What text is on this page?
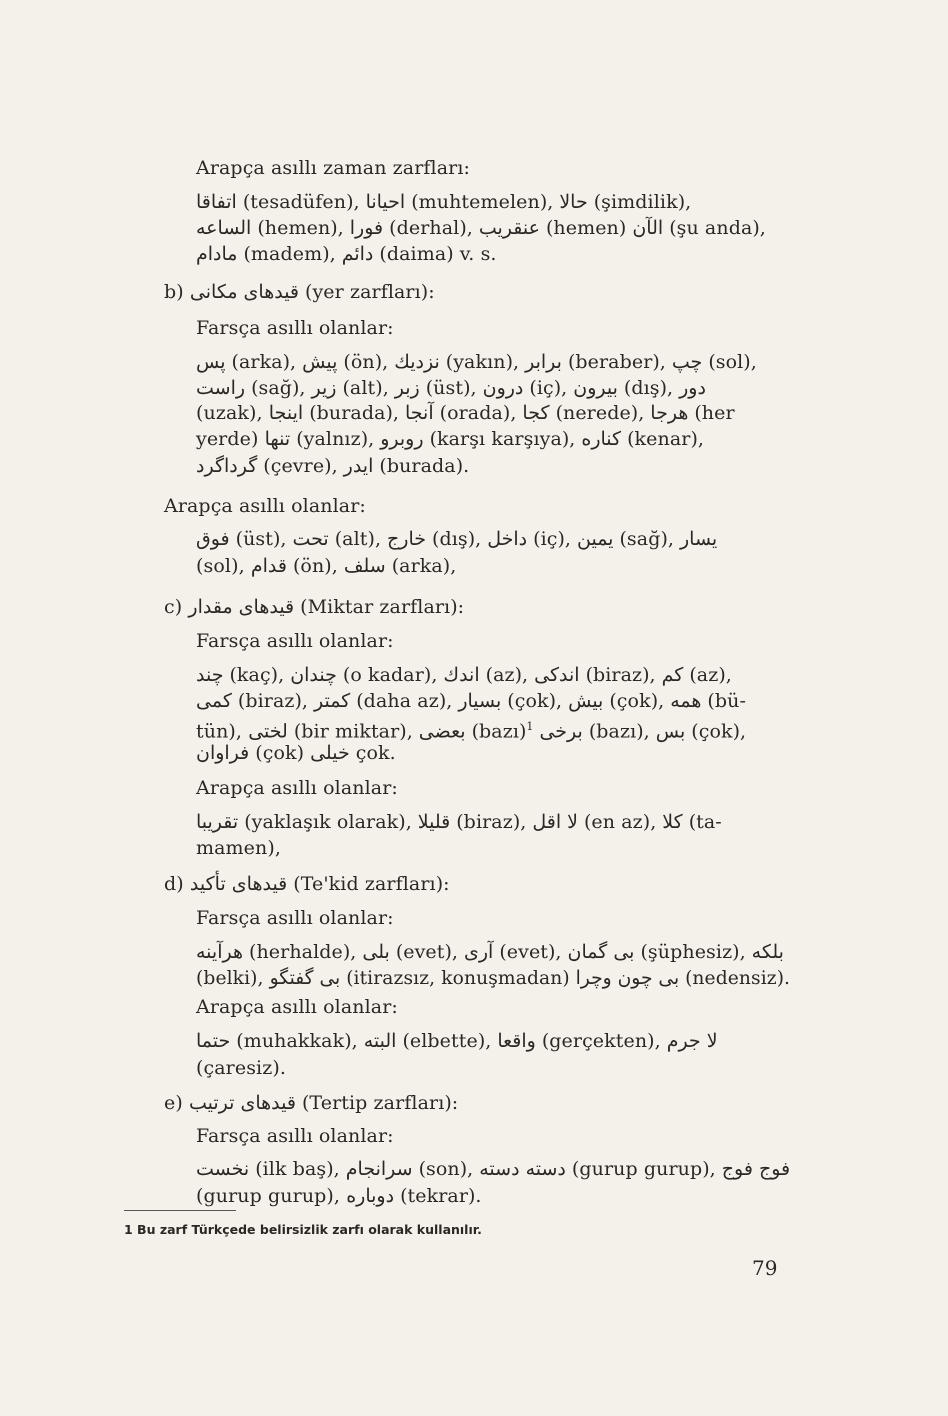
Arapça asıllı zaman zarfları:
اتفاقا (tesadüfen), احيانا (muhtemelen), حالا (şimdilik),
الساعه (hemen), فورا (derhal), عنقريب (hemen) الآن (şu anda),
مادام (madem), دائم (daima) v. s.
b) قيدهاى مكانى (yer zarfları):
Farsça asıllı olanlar:
پس (arka), پيش (ön), نزديك (yakın), برابر (beraber), چپ (sol),
راست (sağ), زير (alt), زبر (üst), درون (iç), بيرون (dış), دور
(uzak), اينجا (burada), آنجا (orada), كجا (nerede), هرجا (her
yerde) تنها (yalnız), روبرو (karşı karşıya), كناره (kenar),
گرداگرد (çevre), ايدر (burada).
Arapça asıllı olanlar:
فوق (üst), تحت (alt), خارج (dış), داخل (iç), يمين (sağ), يسار
(sol), قدام (ön), سلف (arka),
c) قيدهاى مقدار (Miktar zarfları):
Farsça asıllı olanlar:
چند (kaç), چندان (o kadar), اندك (az), اندكى (biraz), كم (az),
كمى (biraz), كمتر (daha az), بسيار (çok), بيش (çok), همه (bü-
tün), لختى (bir miktar), بعضى (bazı)$^1$ برخى (bazı), بس (çok),
فراوان (çok) خيلى çok.
Arapça asıllı olanlar:
تقريبا (yaklaşık olarak), قليلا (biraz), لا اقل (en az), كلا (ta-
mamen),
d) قيدهاى تأكيد (Te'kid zarfları):
Farsça asıllı olanlar:
هرآينه (herhalde), بلى (evet), آرى (evet), بى گمان (şüphesiz), بلكه
(belki), بى گفتگو (itirazsız, konuşmadan) بى چون وچرا (nedensiz).
Arapça asıllı olanlar:
حتما (muhakkak), البته (elbette), واقعا (gerçekten), لا جرم
(çaresiz).
e) قيدهاى ترتيب (Tertip zarfları):
Farsça asıllı olanlar:
نخست (ilk baş), سرانجام (son), دسته دسته (gurup gurup), فوج فوج
(gurup gurup), دوباره (tekrar).
1 Bu zarf Türkçede belirsizlik zarfı olarak kullanılır.
79
